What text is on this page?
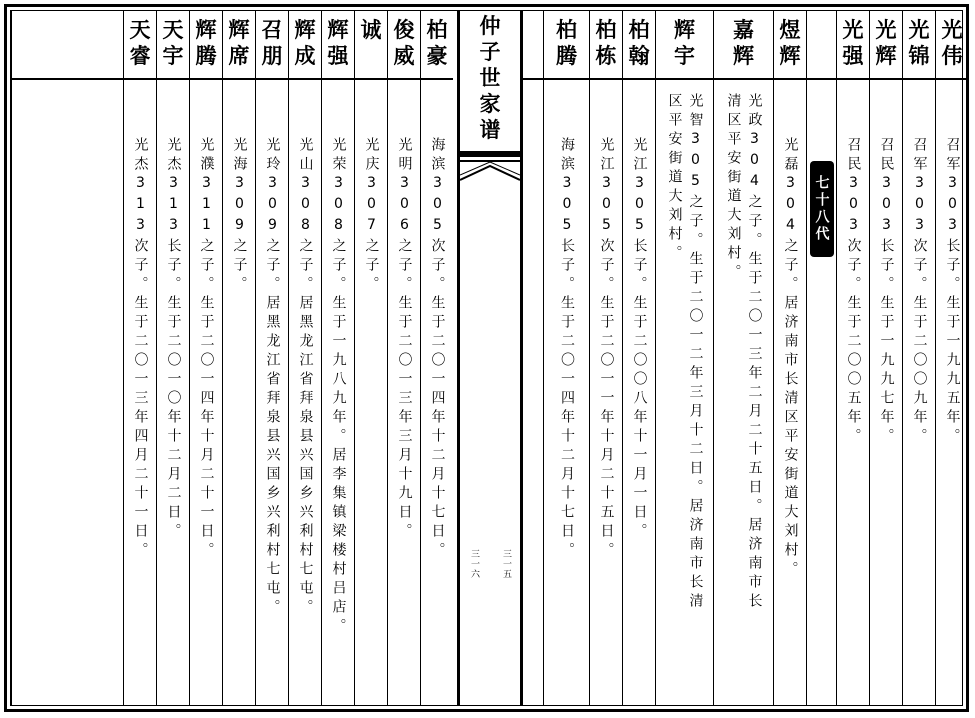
柏
豪
海滨305次子。生于二〇一四年十二月十七日。
俊
威
光明306之子。生于二〇一三年三月十九日。
诚
光庆307之子。
辉
强
光荣308之子。生于一九八九年。居李集镇梁楼村吕店。
辉
成
光山308之子。居黑龙江省拜泉县兴国乡兴利村七屯。
召
朋
光玲309之子。居黑龙江省拜泉县兴国乡兴利村七屯。
辉
席
光海309之子。
辉
腾
光濮311之子。生于二〇一四年十月二十一日。
天
宇
光杰313长子。生于二〇一〇年十二月二日。
天
睿
光杰313次子。生于二〇一三年四月二十一日。
仲
子
世
家
谱
三一五
三一六
光
伟
召军303长子。生于一九九五年。
光
锦
召军303次子。生于二〇〇九年。
光
辉
召民303长子。生于一九九七年。
光
强
召民303次子。生于二〇〇五年。
七十八代
煜
辉
光磊304之子。居济南市长清区平安街道大刘村。
嘉
辉
光政304之子。生于二〇一三年二月二十五日。居济南市长
清区平安街道大刘村。
辉
宇
光智305之子。生于二〇一二年三月十二日。居济南市长清
区平安街道大刘村。
柏
翰
光江305长子。生于二〇〇八年十一月一日。
柏
栋
光江305次子。生于二〇一一年十月二十五日。
柏
腾
海滨305长子。生于二〇一四年十二月十七日。
